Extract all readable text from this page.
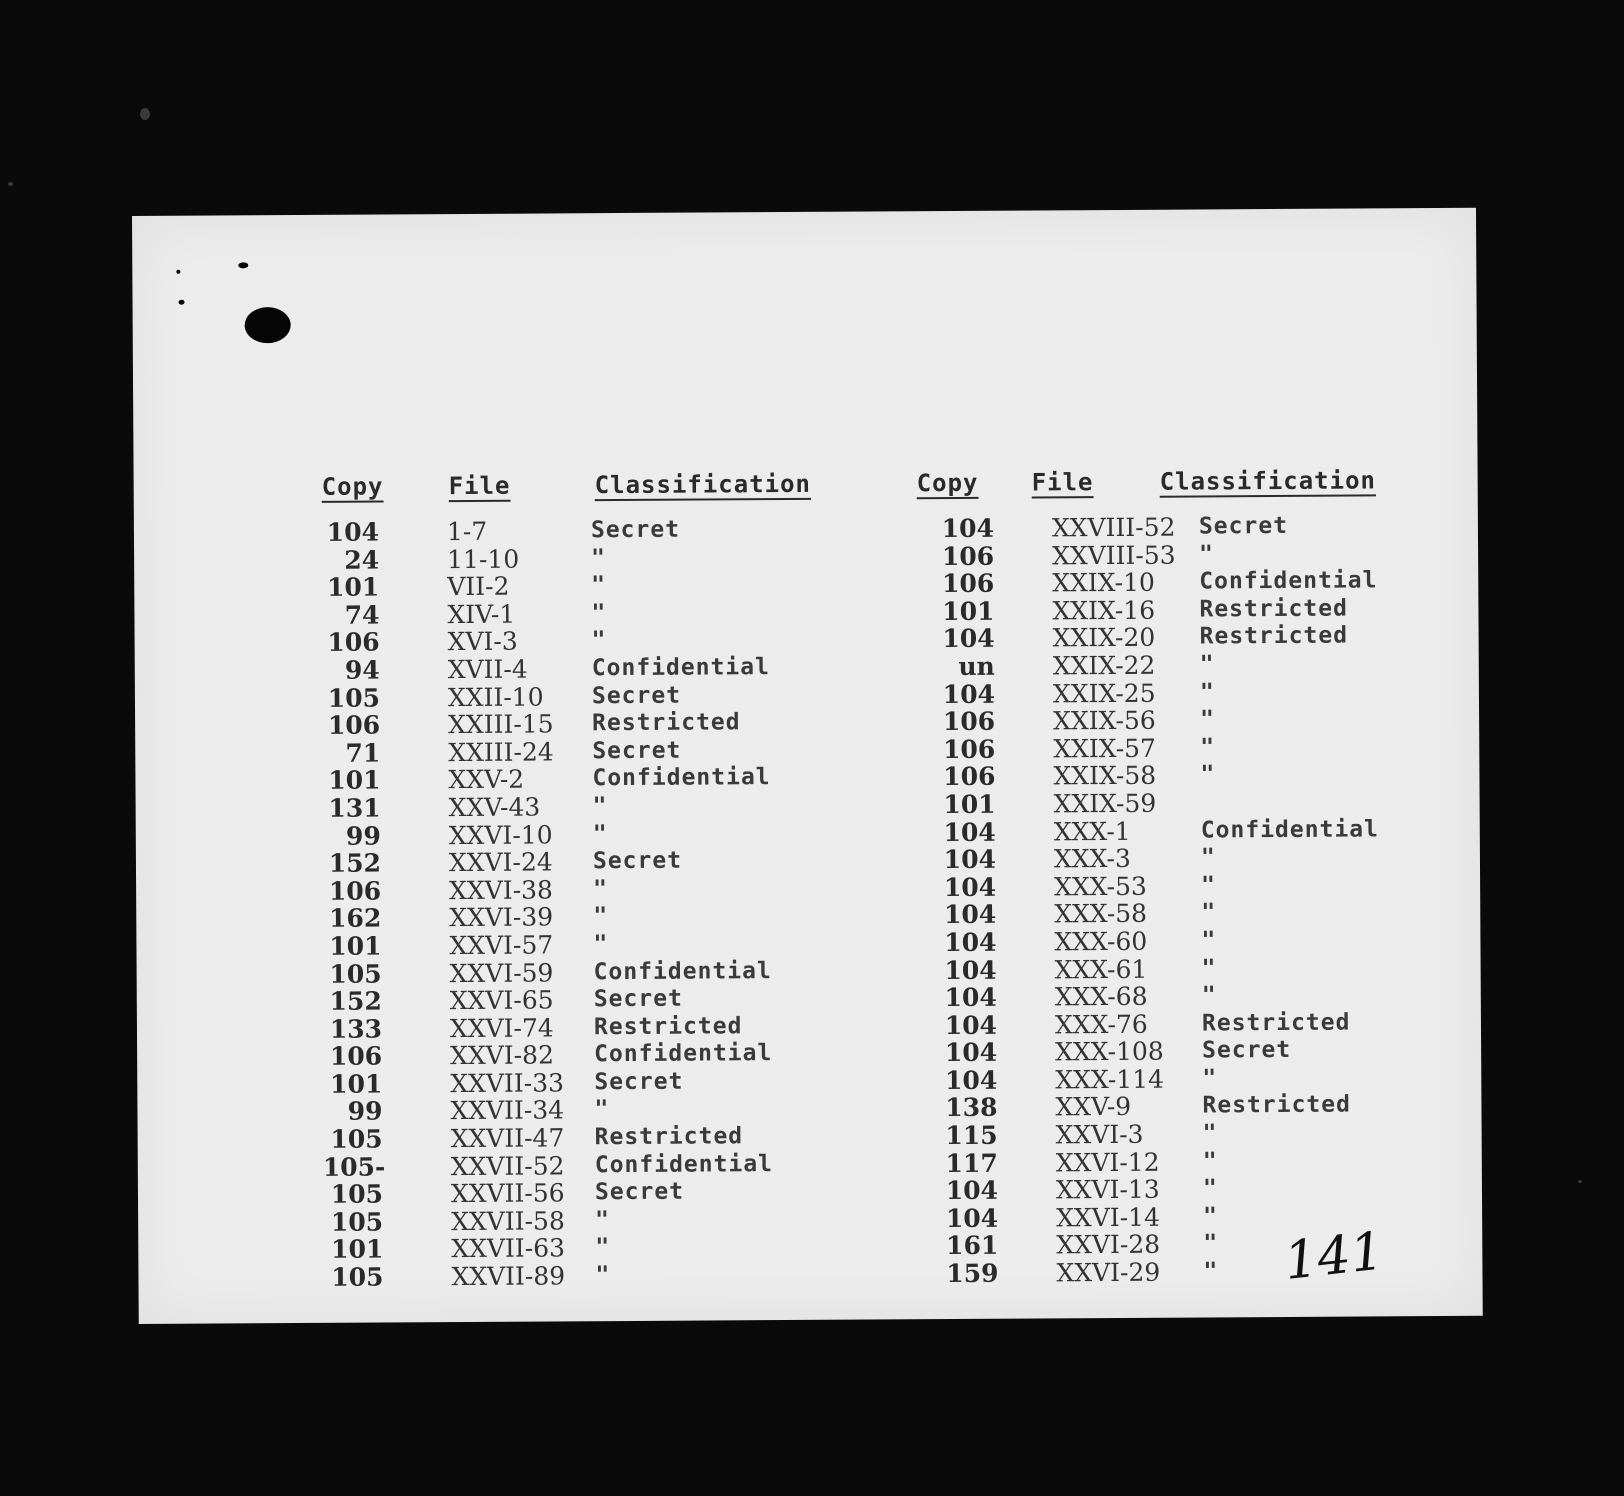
Copy	File	Classification
104	1-7	Secret
24	11-10	"
101	VII-2	"
74	XIV-1	"
106	XVI-3	"
94	XVII-4	Confidential
105	XXII-10 Secret
106	XXIII-15 Restricted
71	XXIII-24 Secret
101	XXV-2	Confidential
131	XXV-43 "
99	XXVI-10 "
152	XXVI-24 Secret
106	XXVI-38 "
162	XXVI-39 "
101	XXVI-57 "
105	XXVI-59 Confidential
152	XXVI-65 Secret
133	XXVI-74 Restricted
106	XXVI-82 Confidential
101	XXVII-33 Secret
99	XXVII-34 "
105	XXVII-47 Restricted
105-	XXVII-52 Confidential
105	XXVII-56 Secret
105	XXVII-58 "
101	XXVII-63 "
105	XXVII-89 "
Copy File	Classification
104 XXVIII-52 Secret
106 XXVIII-53 "
106 XXIX-10 Confidential
101 XXIX-16 Restricted
104 XXIX-20 Restricted
un XXIX-22 "
104 XXIX-25 "
106 XXIX-56 "
106 XXIX-57 "
106 XXIX-58 "
101 XXIX-59
104 XXX-1	Confidential
104 XXX-3	"
104 XXX-53 "
104 XXX-58 "
104 XXX-60 "
104 XXX-61 "
104 XXX-68 "
104 XXX-76 Restricted
104 XXX-108 Secret
104 XXX-114 "
138 XXV-9	Restricted
115 XXVI-3	"
117 XXVI-12 "
104 XXVI-13 "
104 XXVI-14 "
161 XXVI-28 "
159 XXVI-29 " 141
